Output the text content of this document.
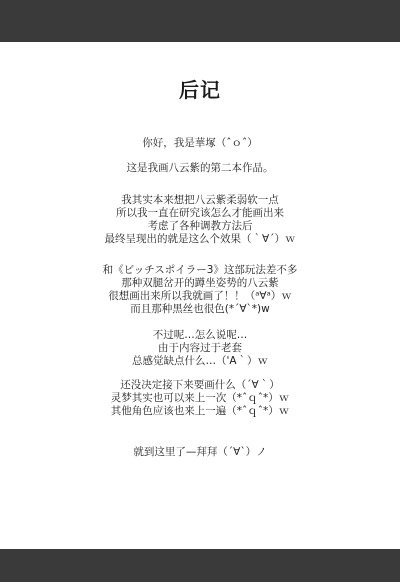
后记
你好，我是華塚（ˆｏˆ）
这是我画八云紫的第二本作品。
我其实本来想把八云紫柔弱软一点
所以我一直在研究该怎么才能画出来
考虑了各种调教方法后
最终呈现出的就是这么个效果（｀∀´）ｗ
和《ビッチスポイラー3》这部玩法差不多
那种双腿岔开的蹲坐姿势的八云紫
很想画出来所以我就画了！！（ᵃ∀ᵃ）ｗ
而且那种黑丝也很色(*´∀`*)w
不过呢…怎么说呢…
由于内容过于老套
总感觉缺点什么…（'A｀）ｗ
还没决定接下来要画什么（´∀｀）
灵梦其实也可以来上一次（*ˆｑˆ*）ｗ
其他角色应该也来上一遍（*ˆｑˆ*）ｗ
就到这里了—拜拜（´∀`）ノ
